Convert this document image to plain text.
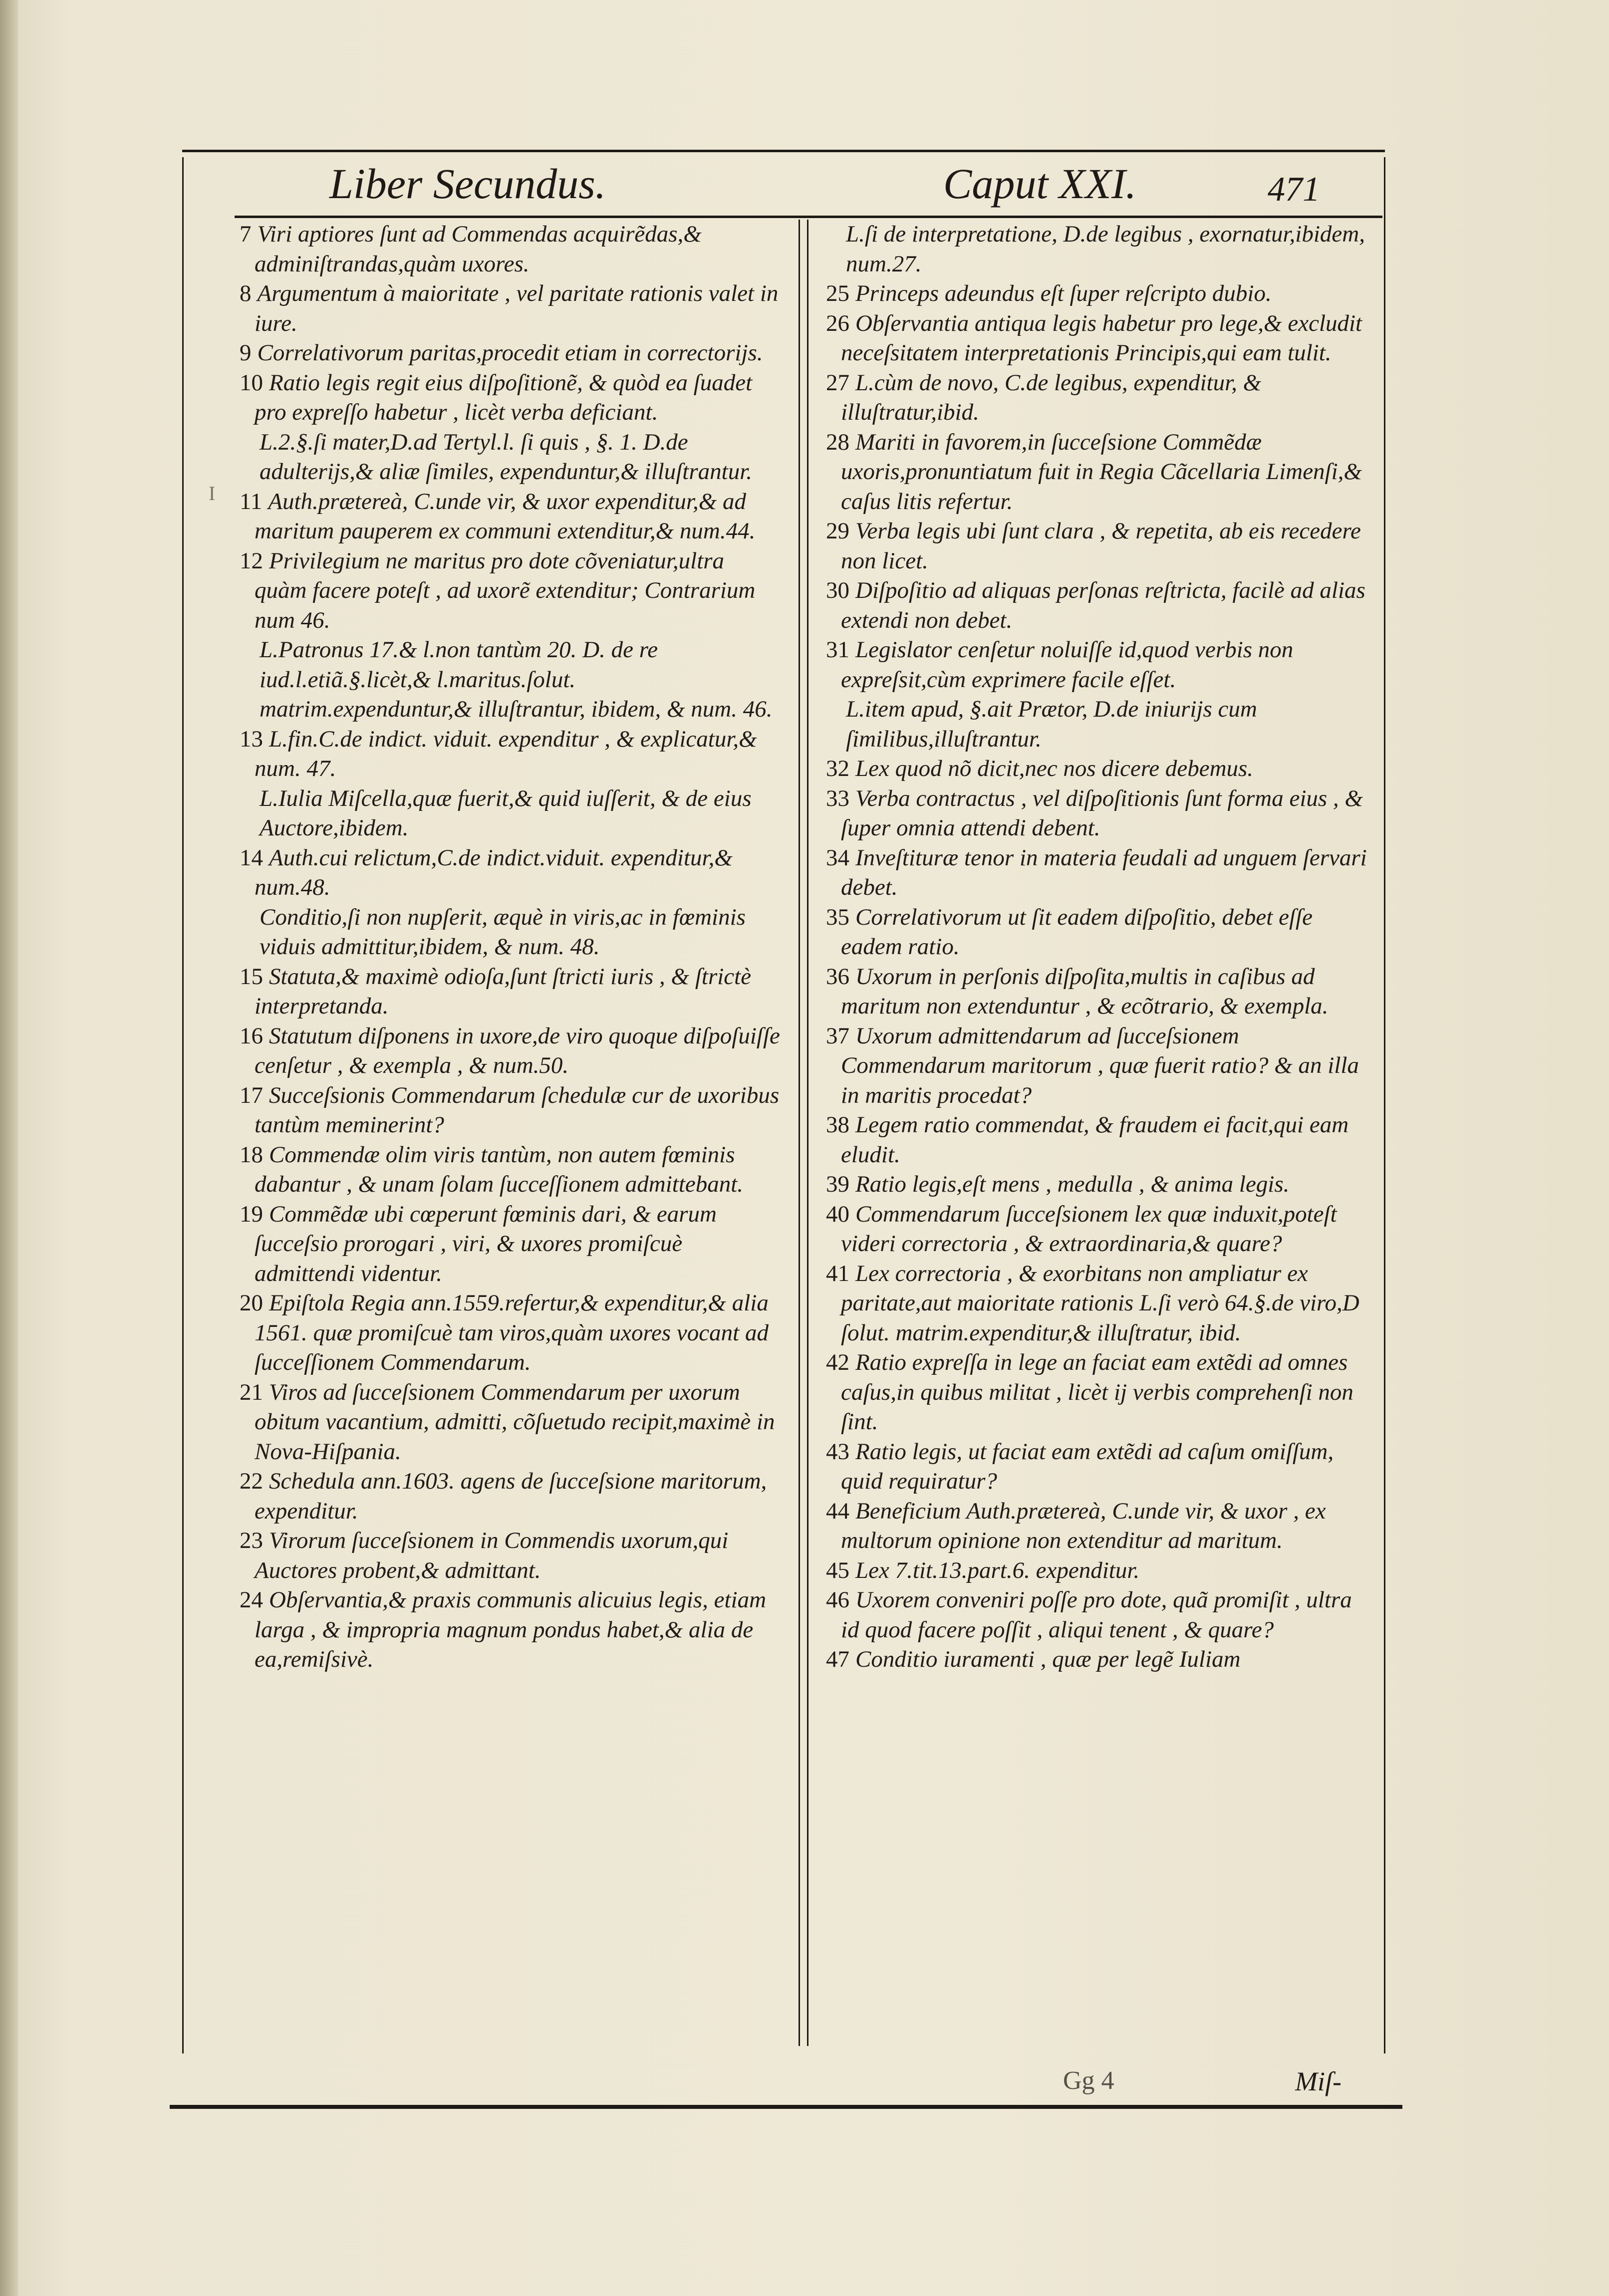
Liber Secundus.	Caput XXI.	471
I

7 Viri aptiores ſunt ad Commendas acquirẽdas,& adminiſtrandas,quàm uxores.

8 Argumentum à maioritate , vel paritate rationis valet in iure.

9 Correlativorum paritas,procedit etiam in correctorijs.

10 Ratio legis regit eius diſpoſitionẽ, & quòd ea ſuadet pro expreſſo habetur , licèt verba deficiant.

L.2.§.ſi mater,D.ad Tertyl.l. ſi quis , §. 1. D.de adulterijs,& aliæ ſimiles, expenduntur,& illuſtrantur.

11 Auth.prætereà, C.unde vir, & uxor expenditur,& ad maritum pauperem ex communi extenditur,& num.44.

12 Privilegium ne maritus pro dote cõveniatur,ultra quàm facere poteſt , ad uxorẽ extenditur; Contrarium num 46.

L.Patronus 17.& l.non tantùm 20. D. de re iud.l.etiã.§.licèt,& l.maritus.ſolut. matrim.expenduntur,& illuſtrantur, ibidem, & num. 46.

13 L.fin.C.de indict. viduit. expenditur , & explicatur,& num. 47.

L.Iulia Miſcella,quæ fuerit,& quid iuſſerit, & de eius Auctore,ibidem.

14 Auth.cui relictum,C.de indict.viduit. expenditur,& num.48.

Conditio,ſi non nupſerit, æquè in viris,ac in fœminis viduis admittitur,ibidem, & num. 48.

15 Statuta,& maximè odioſa,ſunt ſtricti iuris , & ſtrictè interpretanda.

16 Statutum diſponens in uxore,de viro quoque diſpoſuiſſe cenſetur , & exempla , & num.50.

17 Succeſsionis Commendarum ſchedulæ cur de uxoribus tantùm meminerint?

18 Commendæ olim viris tantùm, non autem fœminis dabantur , & unam ſolam ſucceſſionem admittebant.

19 Commẽdæ ubi cœperunt fœminis dari, & earum ſucceſsio prorogari , viri, & uxores promiſcuè admittendi videntur.

20 Epiſtola Regia ann.1559.refertur,& expenditur,& alia 1561. quæ promiſcuè tam viros,quàm uxores vocant ad ſucceſſionem Commendarum.

21 Viros ad ſucceſsionem Commendarum per uxorum obitum vacantium, admitti, cõſuetudo recipit,maximè in Nova-Hiſpania.

22 Schedula ann.1603. agens de ſucceſsione maritorum, expenditur.

23 Virorum ſucceſsionem in Commendis uxorum,qui Auctores probent,& admittant.

24 Obſervantia,& praxis communis alicuius legis, etiam larga , & impropria magnum pondus habet,& alia de ea,remiſsivè.

L.ſi de interpretatione, D.de legibus , exornatur,ibidem, num.27.

25 Princeps adeundus eſt ſuper reſcripto dubio.

26 Obſervantia antiqua legis habetur pro lege,& excludit neceſsitatem interpretationis Principis,qui eam tulit.

27 L.cùm de novo, C.de legibus, expenditur, & illuſtratur,ibid.

28 Mariti in favorem,in ſucceſsione Commẽdæ uxoris,pronuntiatum fuit in Regia Cãcellaria Limenſi,& caſus litis refertur.

29 Verba legis ubi ſunt clara , & repetita, ab eis recedere non licet.

30 Diſpoſitio ad aliquas perſonas reſtricta, facilè ad alias extendi non debet.

31 Legislator cenſetur noluiſſe id,quod verbis non expreſsit,cùm exprimere facile eſſet.

L.item apud, §.ait Prætor, D.de iniurijs cum ſimilibus,illuſtrantur.

32 Lex quod nõ dicit,nec nos dicere debemus.

33 Verba contractus , vel diſpoſitionis ſunt forma eius , & ſuper omnia attendi debent.

34 Inveſtituræ tenor in materia feudali ad unguem ſervari debet.

35 Correlativorum ut ſit eadem diſpoſitio, debet eſſe eadem ratio.

36 Uxorum in perſonis diſpoſita,multis in caſibus ad maritum non extenduntur , & ecõtrario, & exempla.

37 Uxorum admittendarum ad ſucceſsionem Commendarum maritorum , quæ fuerit ratio? & an illa in maritis procedat?

38 Legem ratio commendat, & fraudem ei facit,qui eam eludit.

39 Ratio legis,eſt mens , medulla , & anima legis.

40 Commendarum ſucceſsionem lex quæ induxit,poteſt videri correctoria , & extraordinaria,& quare?

41 Lex correctoria , & exorbitans non ampliatur ex paritate,aut maioritate rationis L.ſi verò 64.§.de viro,D ſolut. matrim.expenditur,& illuſtratur, ibid.

42 Ratio expreſſa in lege an faciat eam extẽdi ad omnes caſus,in quibus militat , licèt ij verbis comprehenſi non ſint.

43 Ratio legis, ut faciat eam extẽdi ad caſum omiſſum, quid requiratur?

44 Beneficium Auth.prætereà, C.unde vir, & uxor , ex multorum opinione non extenditur ad maritum.

45 Lex 7.tit.13.part.6. expenditur.

46 Uxorem conveniri poſſe pro dote, quã promiſit , ultra id quod facere poſſit , aliqui tenent , & quare?

47 Conditio iuramenti , quæ per legẽ Iuliam

Gg 4	Miſ-
